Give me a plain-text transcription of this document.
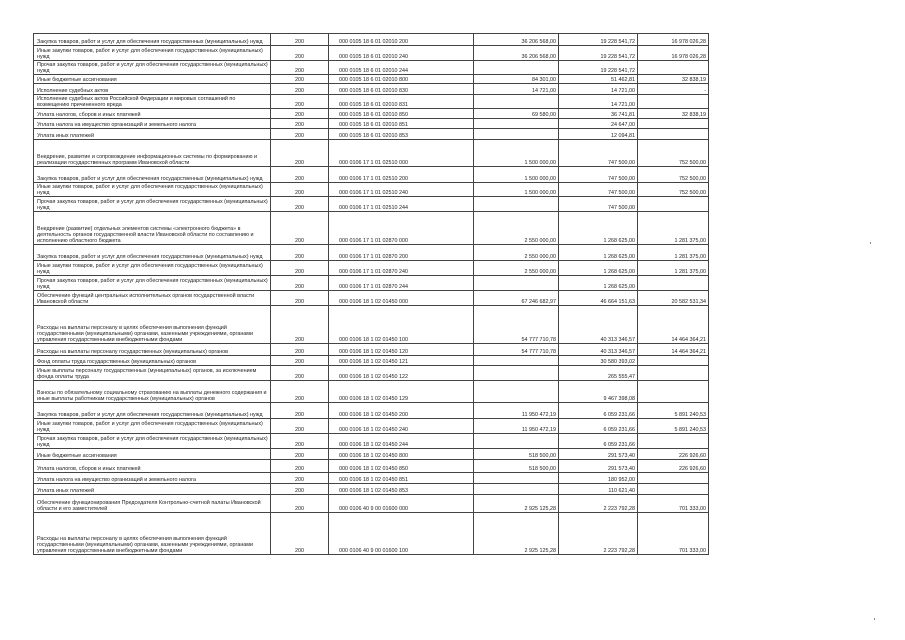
Закупка товаров, работ и услуг для обеспечения государственных (муниципальных) нужд	200	000 0105 18 6 01 02010 200	36 206 568,00	19 228 541,72	16 978 026,28
Иные закупки товаров, работ и услуг для обеспечения государственных (муниципальных) нужд	200	000 0105 18 6 01 02010 240	36 206 568,00	19 228 541,72	16 978 026,28
Прочая закупка товаров, работ и услуг для обеспечения государственных (муниципальных) нужд	200	000 0105 18 6 01 02010 244		19 228 541,72	
Иные бюджетные ассигнования	200	000 0105 18 6 01 02010 800	84 301,00	51 462,81	32 838,19
Исполнение судебных актов	200	000 0105 18 6 01 02010 830	14 721,00	14 721,00	-
Исполнение судебных актов Российской Федерации и мировых соглашений по возмещению причиненного вреда	200	000 0105 18 6 01 02010 831		14 721,00	
Уплата налогов, сборов и иных платежей	200	000 0105 18 6 01 02010 850	69 580,00	36 741,81	32 838,19
Уплата налога на имущество организаций и земельного налога	200	000 0105 18 6 01 02010 851		24 647,00	
Уплата иных платежей	200	000 0105 18 6 01 02010 853		12 094,81	
Внедрение, развитие и сопровождение информационных системы по формированию и реализации государственных программ Ивановской области	200	000 0106 17 1 01 02510 000	1 500 000,00	747 500,00	752 500,00
Закупка товаров, работ и услуг для обеспечения государственных (муниципальных) нужд	200	000 0106 17 1 01 02510 200	1 500 000,00	747 500,00	752 500,00
Иные закупки товаров, работ и услуг для обеспечения государственных (муниципальных) нужд	200	000 0106 17 1 01 02510 240	1 500 000,00	747 500,00	752 500,00
Прочая закупка товаров, работ и услуг для обеспечения государственных (муниципальных) нужд	200	000 0106 17 1 01 02510 244		747 500,00	
Внедрение (развитие) отдельных элементов системы «электронного бюджета» в деятельность органов государственной власти Ивановской области по составлению и исполнению областного бюджета	200	000 0106 17 1 01 02870 000	2 550 000,00	1 268 625,00	1 281 375,00
Закупка товаров, работ и услуг для обеспечения государственных (муниципальных) нужд	200	000 0106 17 1 01 02870 200	2 550 000,00	1 268 625,00	1 281 375,00
Иные закупки товаров, работ и услуг для обеспечения государственных (муниципальных) нужд	200	000 0106 17 1 01 02870 240	2 550 000,00	1 268 625,00	1 281 375,00
Прочая закупка товаров, работ и услуг для обеспечения государственных (муниципальных) нужд	200	000 0106 17 1 01 02870 244		1 268 625,00	
Обеспечение функций центральных исполнительных органов государственной власти Ивановской области	200	000 0106 18 1 02 01450 000	67 246 682,97	46 664 151,63	20 582 531,34
Расходы на выплаты персоналу в целях обеспечения выполнения функций государственными (муниципальными) органами, казенными учреждениями, органами управления государственными внебюджетными фондами	200	000 0106 18 1 02 01450 100	54 777 710,78	40 313 346,57	14 464 364,21
Расходы на выплаты персоналу государственных (муниципальных) органов	200	000 0106 18 1 02 01450 120	54 777 710,78	40 313 346,57	14 464 364,21
Фонд оплаты труда государственных (муниципальных) органов	200	000 0106 18 1 02 01450 121		30 580 393,02	
Иные выплаты персоналу государственных (муниципальных) органов, за исключением фонда оплаты труда	200	000 0106 18 1 02 01450 122		265 555,47	
Взносы по обязательному социальному страхованию на выплаты денежного содержания и иные выплаты работникам государственных (муниципальных) органов	200	000 0106 18 1 02 01450 129		9 467 398,08	
Закупка товаров, работ и услуг для обеспечения государственных (муниципальных) нужд	200	000 0106 18 1 02 01450 200	11 950 472,19	6 059 231,66	5 891 240,53
Иные закупки товаров, работ и услуг для обеспечения государственных (муниципальных) нужд	200	000 0106 18 1 02 01450 240	11 950 472,19	6 059 231,66	5 891 240,53
Прочая закупка товаров, работ и услуг для обеспечения государственных (муниципальных) нужд	200	000 0106 18 1 02 01450 244		6 059 231,66	
Иные бюджетные ассигнования	200	000 0106 18 1 02 01450 800	518 500,00	291 573,40	226 926,60
Уплата налогов, сборов и иных платежей	200	000 0106 18 1 02 01450 850	518 500,00	291 573,40	226 926,60
Уплата налога на имущество организаций и земельного налога	200	000 0106 18 1 02 01450 851		180 952,00	
Уплата иных платежей	200	000 0106 18 1 02 01450 853		110 621,40	
Обеспечение функционирования Председателя Контрольно-счетной палаты Ивановской области и его заместителей	200	000 0106 40 9 00 01600 000	2 925 125,28	2 223 792,28	701 333,00
Расходы на выплаты персоналу в целях обеспечения выполнения функций государственными (муниципальными) органами, казенными учреждениями, органами управления государственными внебюджетными фондами	200	000 0106 40 9 00 01600 100	2 925 125,28	2 223 792,28	701 333,00
